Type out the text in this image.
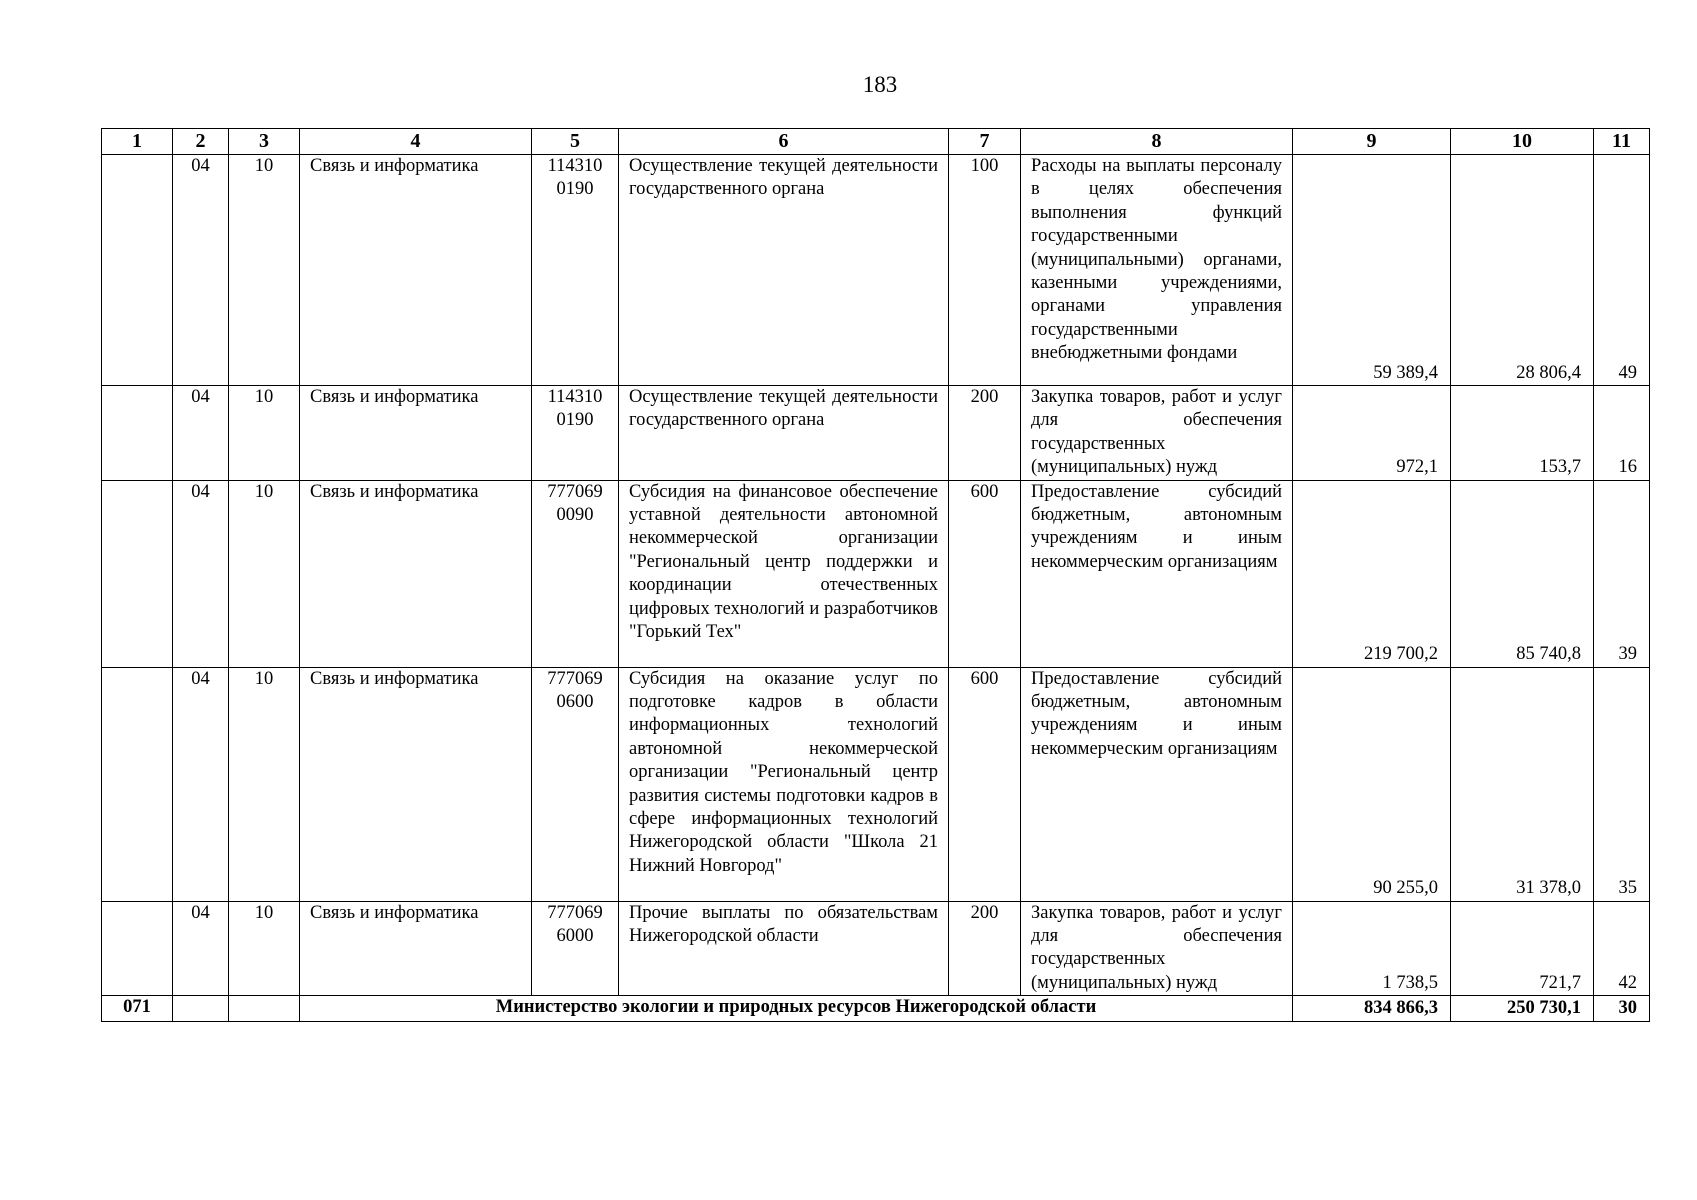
183
1	2	3	4	5	6	7	8	9	10	11
	04	10	Связь и информатика	114310 0190	Осуществление текущей деятельности государственного органа	100	Расходы на выплаты персоналу в целях обеспечения выполнения функций государственными (муниципальными) органами, казенными учреждениями, органами управления государственными внебюджетными фондами	59 389,4	28 806,4	49
	04	10	Связь и информатика	114310 0190	Осуществление текущей деятельности государственного органа	200	Закупка товаров, работ и услуг для обеспечения государственных (муниципальных) нужд	972,1	153,7	16
	04	10	Связь и информатика	777069 0090	Субсидия на финансовое обеспечение уставной деятельности автономной некоммерческой организации "Региональный центр поддержки и координации отечественных цифровых технологий и разработчиков "Горький Тех"	600	Предоставление субсидий бюджетным, автономным учреждениям и иным некоммерческим организациям	219 700,2	85 740,8	39
	04	10	Связь и информатика	777069 0600	Субсидия на оказание услуг по подготовке кадров в области информационных технологий автономной некоммерческой организации "Региональный центр развития системы подготовки кадров в сфере информационных технологий Нижегородской области "Школа 21 Нижний Новгород"	600	Предоставление субсидий бюджетным, автономным учреждениям и иным некоммерческим организациям	90 255,0	31 378,0	35
	04	10	Связь и информатика	777069 6000	Прочие выплаты по обязательствам Нижегородской области	200	Закупка товаров, работ и услуг для обеспечения государственных (муниципальных) нужд	1 738,5	721,7	42
071			Министерство экологии и природных ресурсов Нижегородской области					834 866,3	250 730,1	30
